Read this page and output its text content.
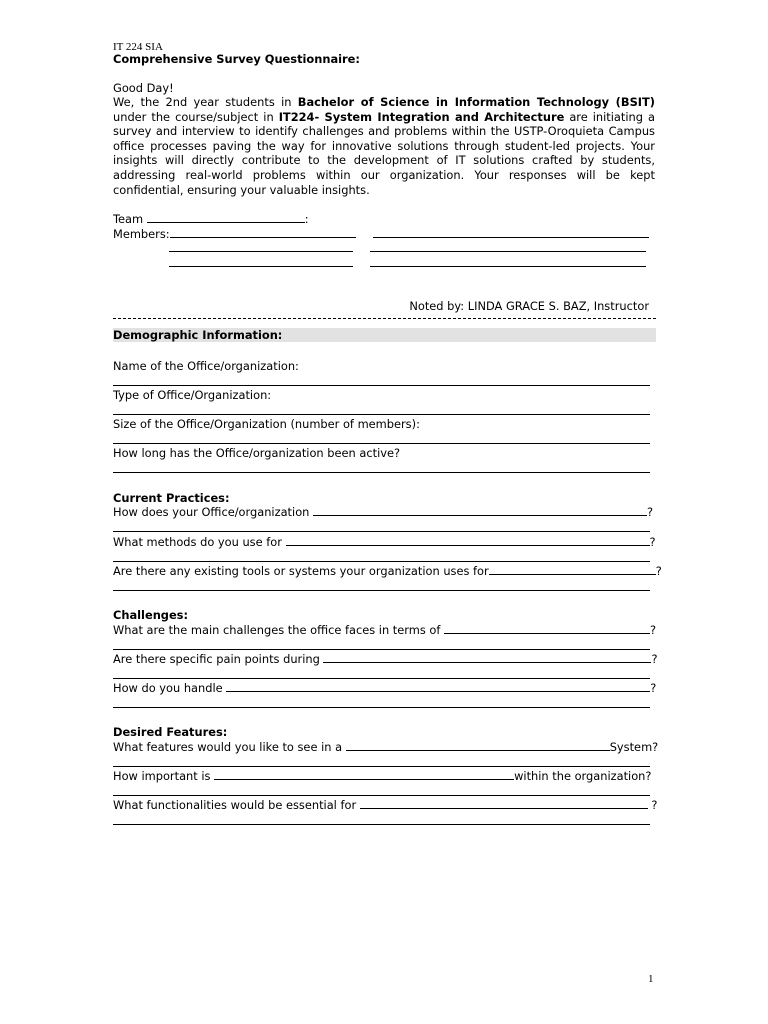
IT 224 SIA
Comprehensive Survey Questionnaire:
Good Day!
We, the 2nd year students in Bachelor of Science in Information Technology (BSIT) under the course/subject in IT224- System Integration and Architecture are initiating a survey and interview to identify challenges and problems within the USTP-Oroquieta Campus office processes paving the way for innovative solutions through student-led projects. Your insights will directly contribute to the development of IT solutions crafted by students, addressing real-world problems within our organization. Your responses will be kept confidential, ensuring your valuable insights.
Team	:
Members:
Noted by: LINDA GRACE S. BAZ, Instructor
Demographic Information:
Name of the Office/organization:
Type of Office/Organization:
Size of the Office/Organization (number of members):
How long has the Office/organization been active?
Current Practices:
How does your Office/organization	?
What methods do you use for	?
Are there any existing tools or systems your organization uses for	?
Challenges:
What are the main challenges the office faces in terms of	?
Are there specific pain points during	?
How do you handle	?
Desired Features:
What features would you like to see in a	System?
How important is	within the organization?
What functionalities would be essential for	?
1
